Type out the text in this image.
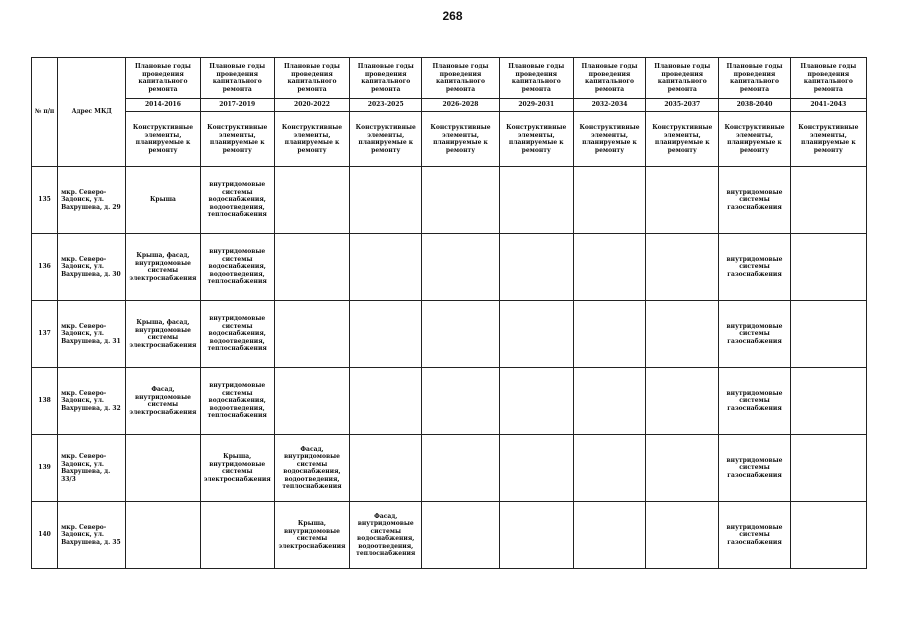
268
№ п/п	Адрес МКД	Плановые годы проведения капитального ремонта	Плановые годы проведения капитального ремонта	Плановые годы проведения капитального ремонта	Плановые годы проведения капитального ремонта	Плановые годы проведения капитального ремонта	Плановые годы проведения капитального ремонта	Плановые годы проведения капитального ремонта	Плановые годы проведения капитального ремонта	Плановые годы проведения капитального ремонта	Плановые годы проведения капитального ремонта
		2014-2016	2017-2019	2020-2022	2023-2025	2026-2028	2029-2031	2032-2034	2035-2037	2038-2040	2041-2043
		Конструктивные элементы, планируемые к ремонту	Конструктивные элементы, планируемые к ремонту	Конструктивные элементы, планируемые к ремонту	Конструктивные элементы, планируемые к ремонту	Конструктивные элементы, планируемые к ремонту	Конструктивные элементы, планируемые к ремонту	Конструктивные элементы, планируемые к ремонту	Конструктивные элементы, планируемые к ремонту	Конструктивные элементы, планируемые к ремонту	Конструктивные элементы, планируемые к ремонту
135	мкр. Северо-Задонск, ул. Вахрушева, д. 29	Крыша	внутридомовые системы водоснабжения, водоотведения, теплоснабжения							внутридомовые системы газоснабжения	
136	мкр. Северо-Задонск, ул. Вахрушева, д. 30	Крыша, фасад, внутридомовые системы электроснабжения	внутридомовые системы водоснабжения, водоотведения, теплоснабжения							внутридомовые системы газоснабжения	
137	мкр. Северо-Задонск, ул. Вахрушева, д. 31	Крыша, фасад, внутридомовые системы электроснабжения	внутридомовые системы водоснабжения, водоотведения, теплоснабжения							внутридомовые системы газоснабжения	
138	мкр. Северо-Задонск, ул. Вахрушева, д. 32	Фасад, внутридомовые системы электроснабжения	внутридомовые системы водоснабжения, водоотведения, теплоснабжения							внутридомовые системы газоснабжения	
139	мкр. Северо-Задонск, ул. Вахрушева, д. 33/3		Крыша, внутридомовые системы электроснабжения	Фасад, внутридомовые системы водоснабжения, водоотведения, теплоснабжения						внутридомовые системы газоснабжения	
140	мкр. Северо-Задонск, ул. Вахрушева, д. 35			Крыша, внутридомовые системы электроснабжения	Фасад, внутридомовые системы водоснабжения, водоотведения, теплоснабжения					внутридомовые системы газоснабжения	
